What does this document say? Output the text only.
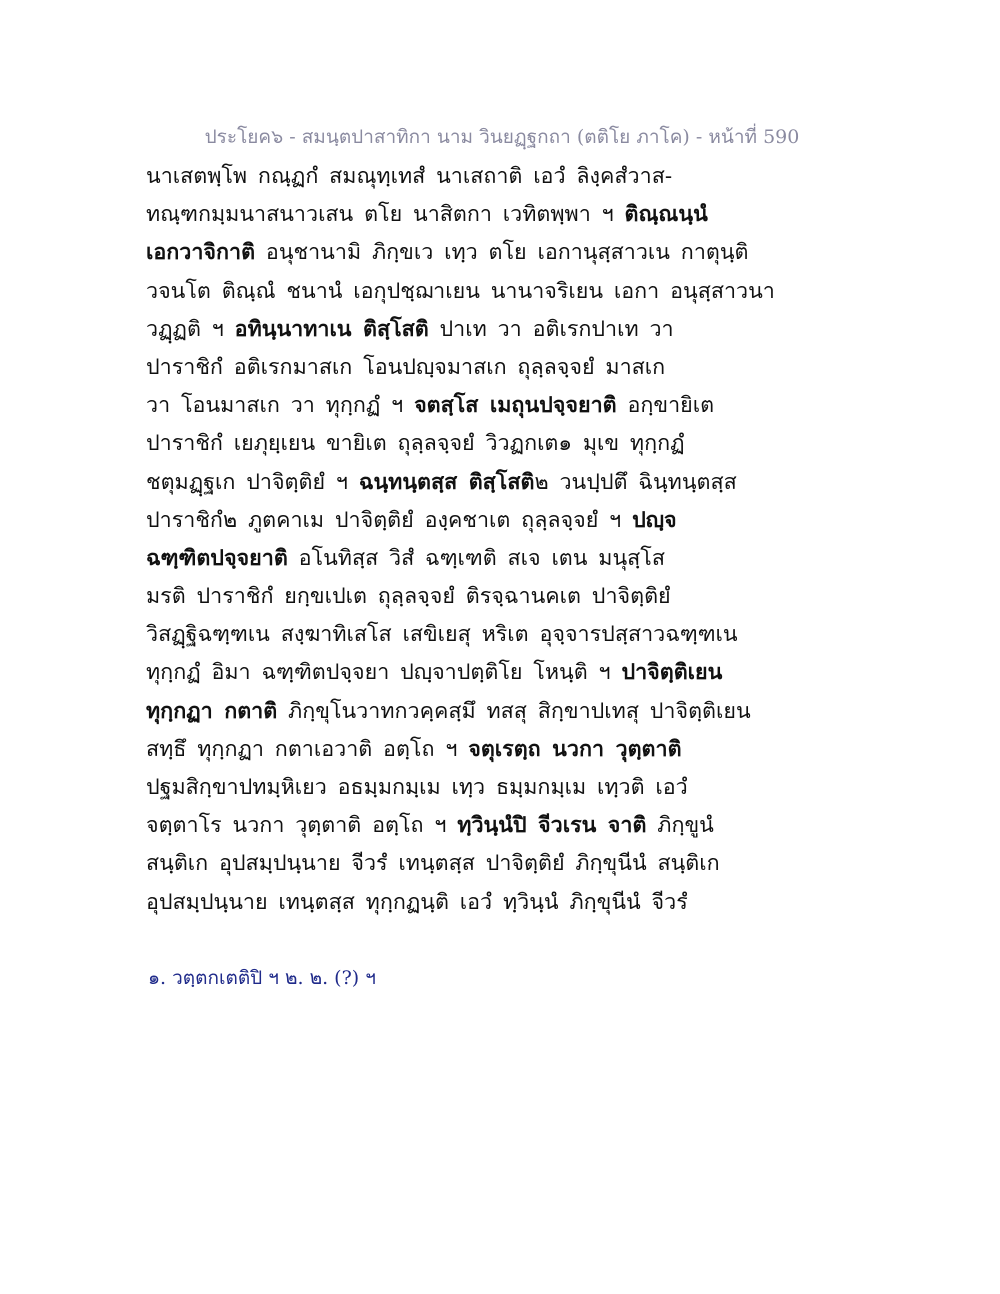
ประโยค๖ - สมนฺตปาสาทิกา นาม วินยฏฺฐกถา (ตติโย ภาโค) - หน้าที่ 590
นาเสตพฺโพ กณฺฏกํ สมณุทฺเทสํ นาเสถาติ เอวํ ลิงฺคสํวาส-
ทณฺฑกมฺมนาสนาวเสน ตโย นาสิตกา เวทิตพฺพา ฯ ติณฺณนฺนํ
เอกวาจิกาติ อนุชานามิ ภิกฺขเว เทฺว ตโย เอกานุสฺสาวเน กาตุนฺติ
วจนโต ติณฺณํ ชนานํ เอกุปชฺฌาเยน นานาจริเยน เอกา อนุสฺสาวนา
วฏฺฏติ ฯ อทินฺนาทาเน ติสฺโสติ ปาเท วา อติเรกปาเท วา
ปาราชิกํ อติเรกมาสเก โอนปญฺจมาสเก ถุลฺลจฺจยํ มาสเก
วา โอนมาสเก วา ทุกฺกฏํ ฯ จตสฺโส เมถุนปจฺจยาติ อกฺขายิเต
ปาราชิกํ เยภุยฺเยน ขายิเต ถุลฺลจฺจยํ วิวฏกเต๑ มุเข ทุกฺกฏํ
ชตุมฏฺฐเก ปาจิตฺติยํ ฯ ฉนฺทนฺตสฺส ติสฺโสติ๒ วนปฺปตึ ฉินฺทนฺตสฺส
ปาราชิกํ๒ ภูตคาเม ปาจิตฺติยํ องฺคชาเต ถุลฺลจฺจยํ ฯ ปญฺจ
ฉฑฺฑิตปจฺจยาติ อโนทิสฺส วิสํ ฉฑฺเฑติ สเจ เตน มนุสฺโส
มรติ ปาราชิกํ ยกฺขเปเต ถุลฺลจฺจยํ ติรจฺฉานคเต ปาจิตฺติยํ
วิสฏฺฐิฉฑฺฑเน สงฺฆาทิเสโส เสขิเยสุ หริเต อุจฺจารปสฺสาวฉฑฺฑเน
ทุกฺกฏํ อิมา ฉฑฺฑิตปจฺจยา ปญฺจาปตฺติโย โหนฺติ ฯ ปาจิตฺติเยน
ทุกฺกฏา กตาติ ภิกฺขุโนวาทกวคฺคสฺมึ ทสสุ สิกฺขาปเทสุ ปาจิตฺติเยน
สทฺธึ ทุกฺกฏา กตาเอวาติ อตฺโถ ฯ จตุเรตฺถ นวกา วุตฺตาติ
ปฐมสิกฺขาปทมฺหิเยว อธมฺมกมฺเม เทฺว ธมฺมกมฺเม เทฺวติ เอวํ
จตฺตาโร นวกา วุตฺตาติ อตฺโถ ฯ ทฺวินฺนํปิ จีวเรน จาติ ภิกฺขูนํ
สนฺติเก อุปสมฺปนฺนาย จีวรํ เทนฺตสฺส ปาจิตฺติยํ ภิกฺขุนีนํ สนฺติเก
อุปสมฺปนฺนาย เทนฺตสฺส ทุกฺกฏนฺติ เอวํ ทฺวินฺนํ ภิกฺขุนีนํ จีวรํ
๑. วตฺตกเตติปิ ฯ ๒. ๒. (?) ฯ
